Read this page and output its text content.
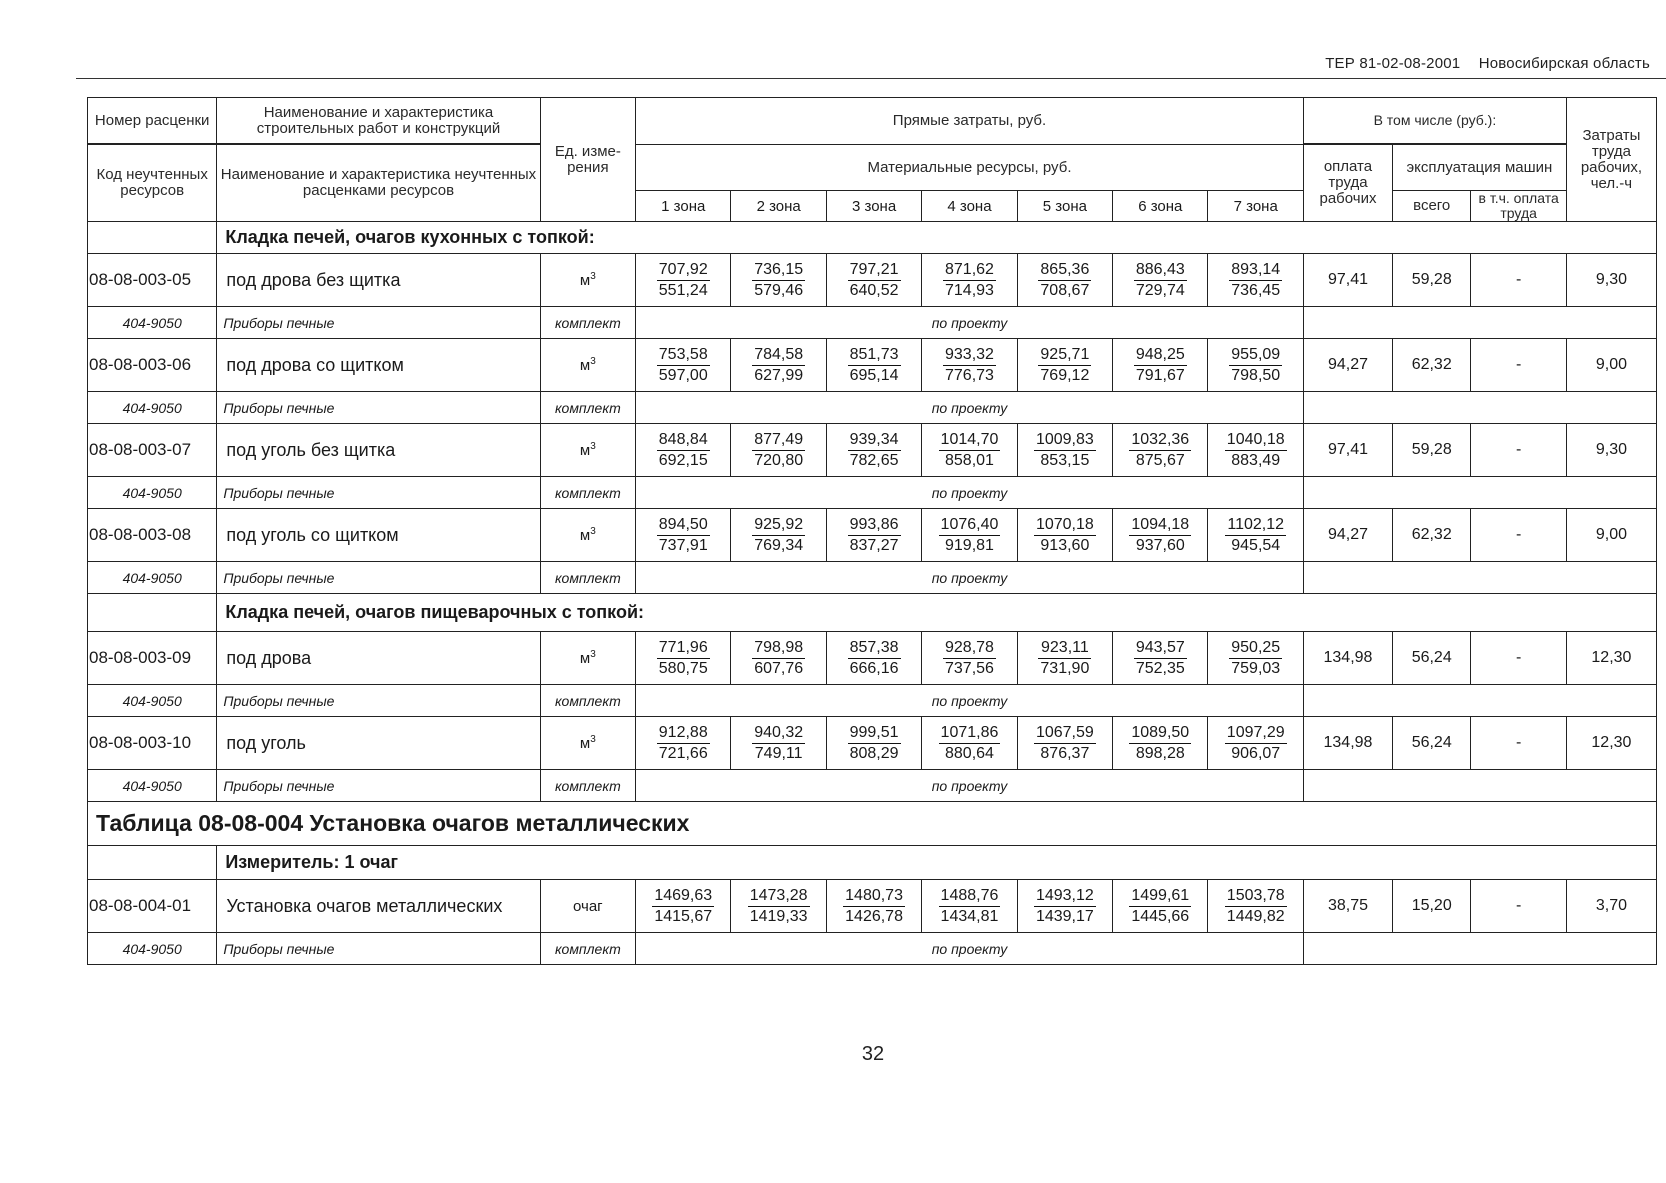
ТЕР 81-02-08-2001 Новосибирская область
Номер расценки	Наименование и характеристика строительных работ и конструкций	Ед. изме-рения	Прямые затраты, руб.							В том числе (руб.):			Затраты труда рабочих, чел.-ч

Код неучтенных ресурсов	Наименование и характеристика неучтенных расценками ресурсов		Материальные ресурсы, руб.							оплата труда рабочих	эксплуатация машин		
			1 зона	2 зона	3 зона	4 зона	5 зона	6 зона	7 зона		всего	в т.ч. оплата труда	
	Кладка печей, очагов кухонных с топкой:												
08-08-003-05	под дрова без щитка	$м^3$	$\frac{707,92}{551,24}$	$\frac{736,15}{579,46}$	$\frac{797,21}{640,52}$	$\frac{871,62}{714,93}$	$\frac{865,36}{708,67}$	$\frac{886,43}{729,74}$	$\frac{893,14}{736,45}$	97,41	59,28	-	9,30
404-9050	Приборы печные	комплект	по проекту										
08-08-003-06	под дрова со щитком	$м^3$	$\frac{753,58}{597,00}$	$\frac{784,58}{627,99}$	$\frac{851,73}{695,14}$	$\frac{933,32}{776,73}$	$\frac{925,71}{769,12}$	$\frac{948,25}{791,67}$	$\frac{955,09}{798,50}$	94,27	62,32	-	9,00
404-9050	Приборы печные	комплект	по проекту										
08-08-003-07	под уголь без щитка	$м^3$	$\frac{848,84}{692,15}$	$\frac{877,49}{720,80}$	$\frac{939,34}{782,65}$	$\frac{1014,70}{858,01}$	$\frac{1009,83}{853,15}$	$\frac{1032,36}{875,67}$	$\frac{1040,18}{883,49}$	97,41	59,28	-	9,30
404-9050	Приборы печные	комплект	по проекту										
08-08-003-08	под уголь со щитком	$м^3$	$\frac{894,50}{737,91}$	$\frac{925,92}{769,34}$	$\frac{993,86}{837,27}$	$\frac{1076,40}{919,81}$	$\frac{1070,18}{913,60}$	$\frac{1094,18}{937,60}$	$\frac{1102,12}{945,54}$	94,27	62,32	-	9,00
404-9050	Приборы печные	комплект	по проекту										
	Кладка печей, очагов пищеварочных с топкой:												
08-08-003-09	под дрова	$м^3$	$\frac{771,96}{580,75}$	$\frac{798,98}{607,76}$	$\frac{857,38}{666,16}$	$\frac{928,78}{737,56}$	$\frac{923,11}{731,90}$	$\frac{943,57}{752,35}$	$\frac{950,25}{759,03}$	134,98	56,24	-	12,30
404-9050	Приборы печные	комплект	по проекту										
08-08-003-10	под уголь	$м^3$	$\frac{912,88}{721,66}$	$\frac{940,32}{749,11}$	$\frac{999,51}{808,29}$	$\frac{1071,86}{880,64}$	$\frac{1067,59}{876,37}$	$\frac{1089,50}{898,28}$	$\frac{1097,29}{906,07}$	134,98	56,24	-	12,30
404-9050	Приборы печные	комплект	по проекту										
Таблица 08-08-004 Установка очагов металлических													
	Измеритель: 1 очаг												
08-08-004-01	Установка очагов металлических	очаг	$\frac{1469,63}{1415,67}$	$\frac{1473,28}{1419,33}$	$\frac{1480,73}{1426,78}$	$\frac{1488,76}{1434,81}$	$\frac{1493,12}{1439,17}$	$\frac{1499,61}{1445,66}$	$\frac{1503,78}{1449,82}$	38,75	15,20	-	3,70
404-9050	Приборы печные	комплект	по проекту										
32
